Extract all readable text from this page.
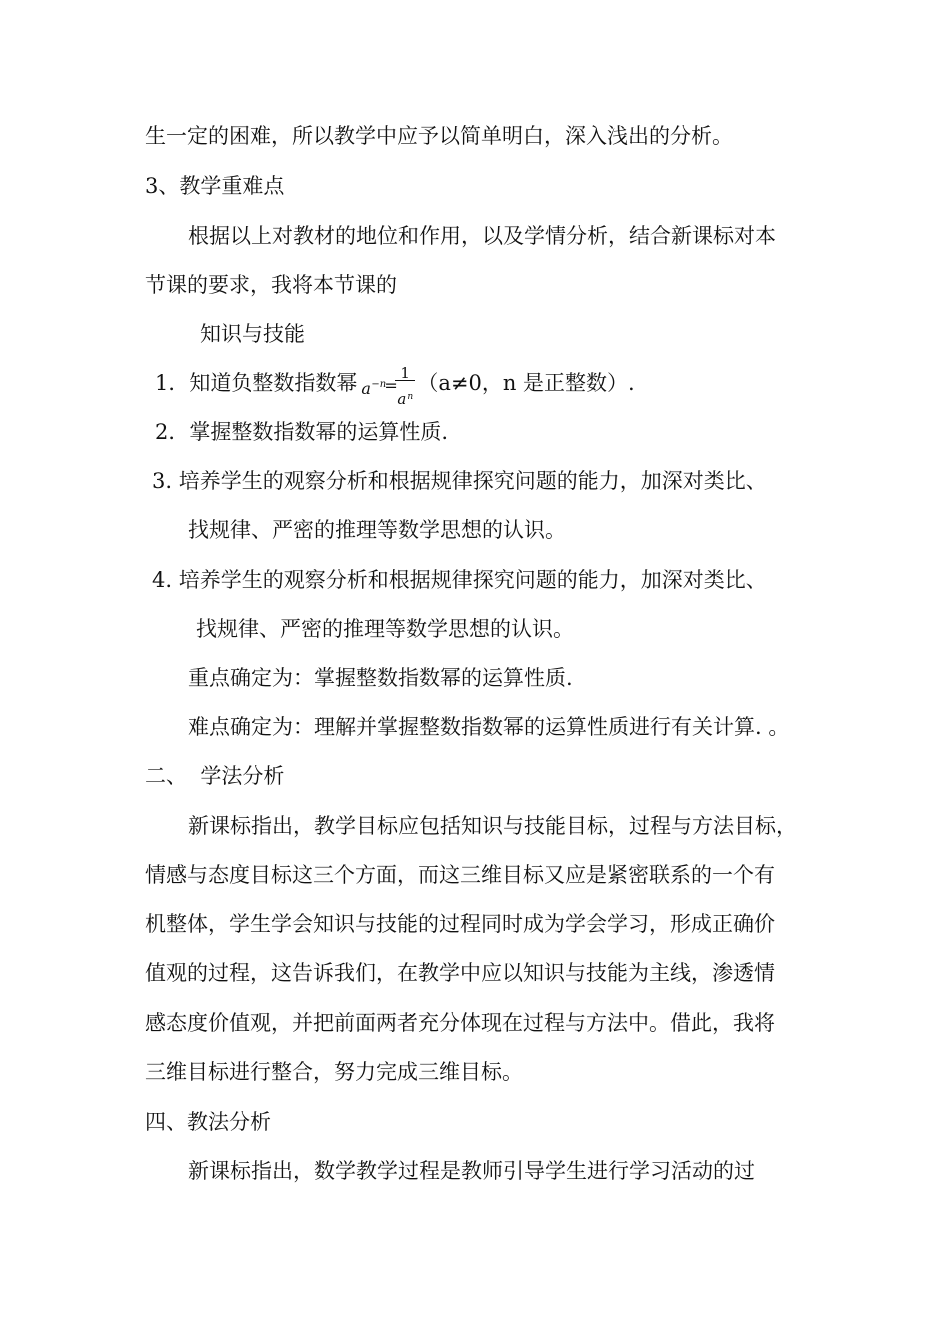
生一定的困难，所以教学中应予以简单明白，深入浅出的分析。
3、教学重难点
根据以上对教材的地位和作用，以及学情分析，结合新课标对本
节课的要求，我将本节课的
知识与技能
1．知道负整数指数幂 a −n
=
1
a n
（a≠0，n 是正整数）.
2．掌握整数指数幂的运算性质.
3. 培养学生的观察分析和根据规律探究问题的能力，加深对类比、
找规律、严密的推理等数学思想的认识。
4. 培养学生的观察分析和根据规律探究问题的能力，加深对类比、
找规律、严密的推理等数学思想的认识。
重点确定为：掌握整数指数幂的运算性质.
难点确定为：理解并掌握整数指数幂的运算性质进行有关计算. 。
二、  学法分析
新课标指出，教学目标应包括知识与技能目标，过程与方法目标，
情感与态度目标这三个方面，而这三维目标又应是紧密联系的一个有
机整体，学生学会知识与技能的过程同时成为学会学习，形成正确价
值观的过程，这告诉我们，在教学中应以知识与技能为主线，渗透情
感态度价值观，并把前面两者充分体现在过程与方法中。借此，我将
三维目标进行整合，努力完成三维目标。
四、教法分析
新课标指出，数学教学过程是教师引导学生进行学习活动的过
